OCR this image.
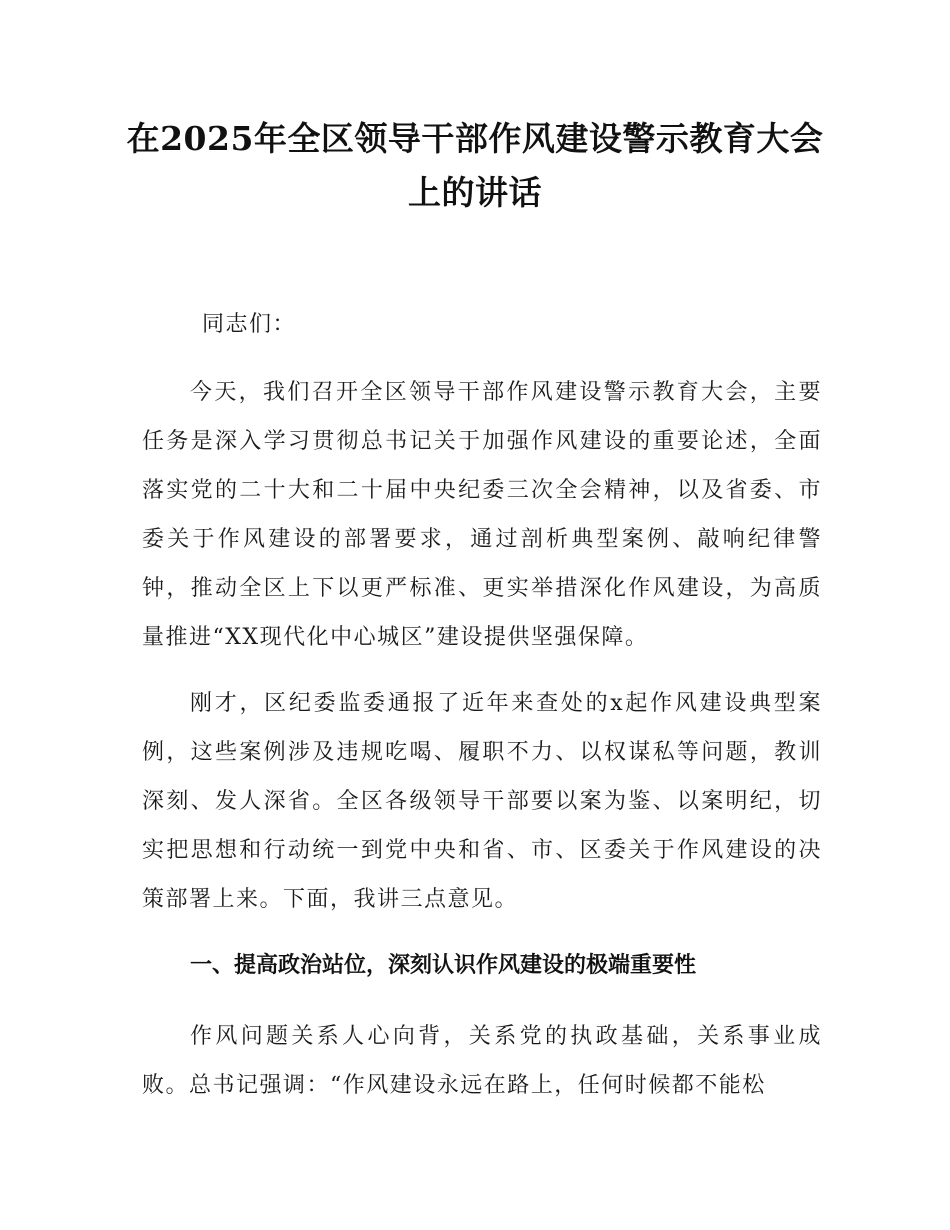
在2025年全区领导干部作风建设警示教育大会上的讲话

同志们：

今天，我们召开全区领导干部作风建设警示教育大会，主要任务是深入学习贯彻总书记关于加强作风建设的重要论述，全面落实党的二十大和二十届中央纪委三次全会精神，以及省委、市委关于作风建设的部署要求，通过剖析典型案例、敲响纪律警钟，推动全区上下以更严标准、更实举措深化作风建设，为高质量推进“XX现代化中心城区”建设提供坚强保障。

刚才，区纪委监委通报了近年来查处的x起作风建设典型案例，这些案例涉及违规吃喝、履职不力、以权谋私等问题，教训深刻、发人深省。全区各级领导干部要以案为鉴、以案明纪，切实把思想和行动统一到党中央和省、市、区委关于作风建设的决策部署上来。下面，我讲三点意见。

一、提高政治站位，深刻认识作风建设的极端重要性

作风问题关系人心向背，关系党的执政基础，关系事业成败。总书记强调：“作风建设永远在路上，任何时候都不能松
